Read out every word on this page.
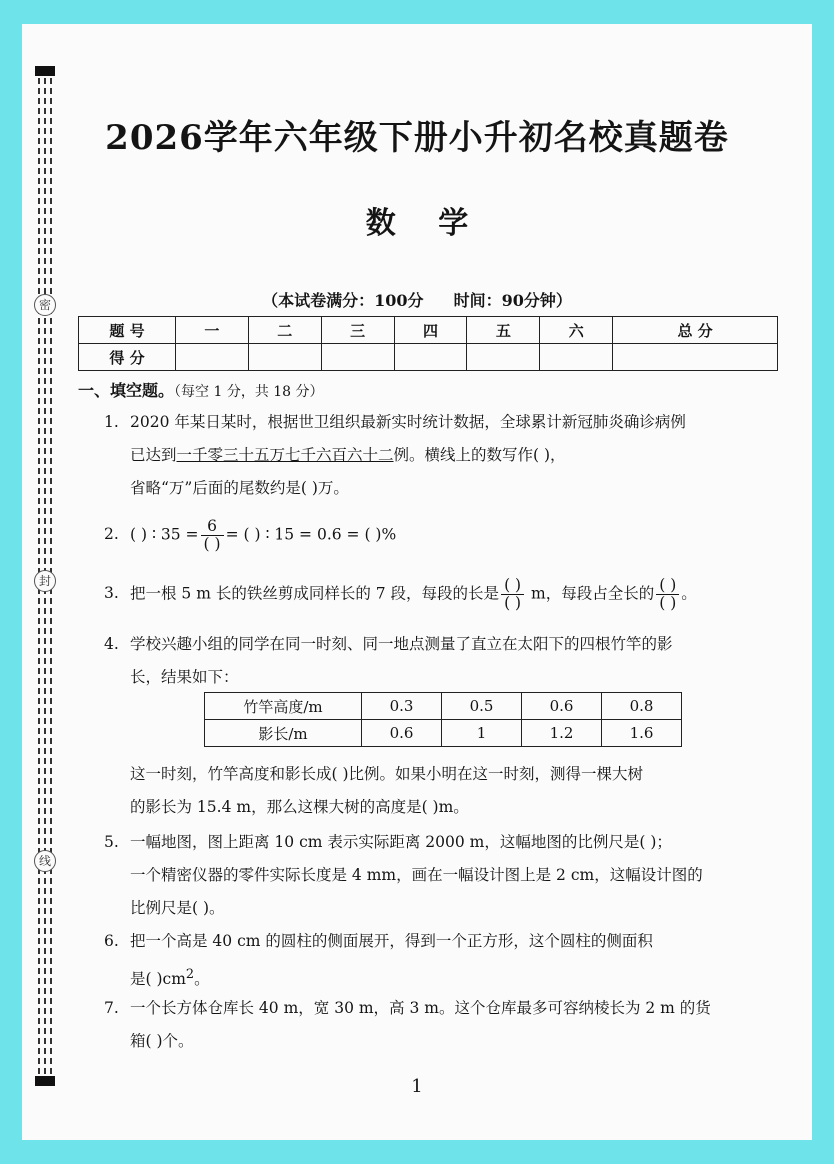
密
封
线
2026学年六年级下册小升初名校真题卷
数 学
（本试卷满分：100分 时间：90分钟）
题 号	一	二	三	四	五	六	总 分
得 分							
一、填空题。（每空 1 分，共 18 分）
1. 2020 年某日某时，根据世卫组织最新实时统计数据，全球累计新冠肺炎确诊病例
已达到一千零三十五万七千六百六十二例。横线上的数写作( )，
省略“万”后面的尾数约是( )万。
2. ( ) ∶ $35 = \frac{6}{( )}$ = ( ) ∶ 15 = 0.6 = ( )%
3. 把一根 5 m 长的铁丝剪成同样长的 7 段，每段的长是 $\frac{( )}{( )}$ m，每段占全长的 $\frac{( )}{( )}$ 。
4. 学校兴趣小组的同学在同一时刻、同一地点测量了直立在太阳下的四根竹竿的影
长，结果如下：
竹竿高度/m	0.3	0.5	0.6	0.8
影长/m	0.6	1	1.2	1.6
这一时刻，竹竿高度和影长成( )比例。如果小明在这一时刻，测得一棵大树
的影长为 15.4 m，那么这棵大树的高度是( )m。
5. 一幅地图，图上距离 10 cm 表示实际距离 2000 m，这幅地图的比例尺是( )；
一个精密仪器的零件实际长度是 4 mm，画在一幅设计图上是 2 cm，这幅设计图的
比例尺是( )。
6. 把一个高是 40 cm 的圆柱的侧面展开，得到一个正方形，这个圆柱的侧面积
是( )$cm^2$。
7. 一个长方体仓库长 40 m，宽 30 m，高 3 m。这个仓库最多可容纳棱长为 2 m 的货
箱( )个。
1
